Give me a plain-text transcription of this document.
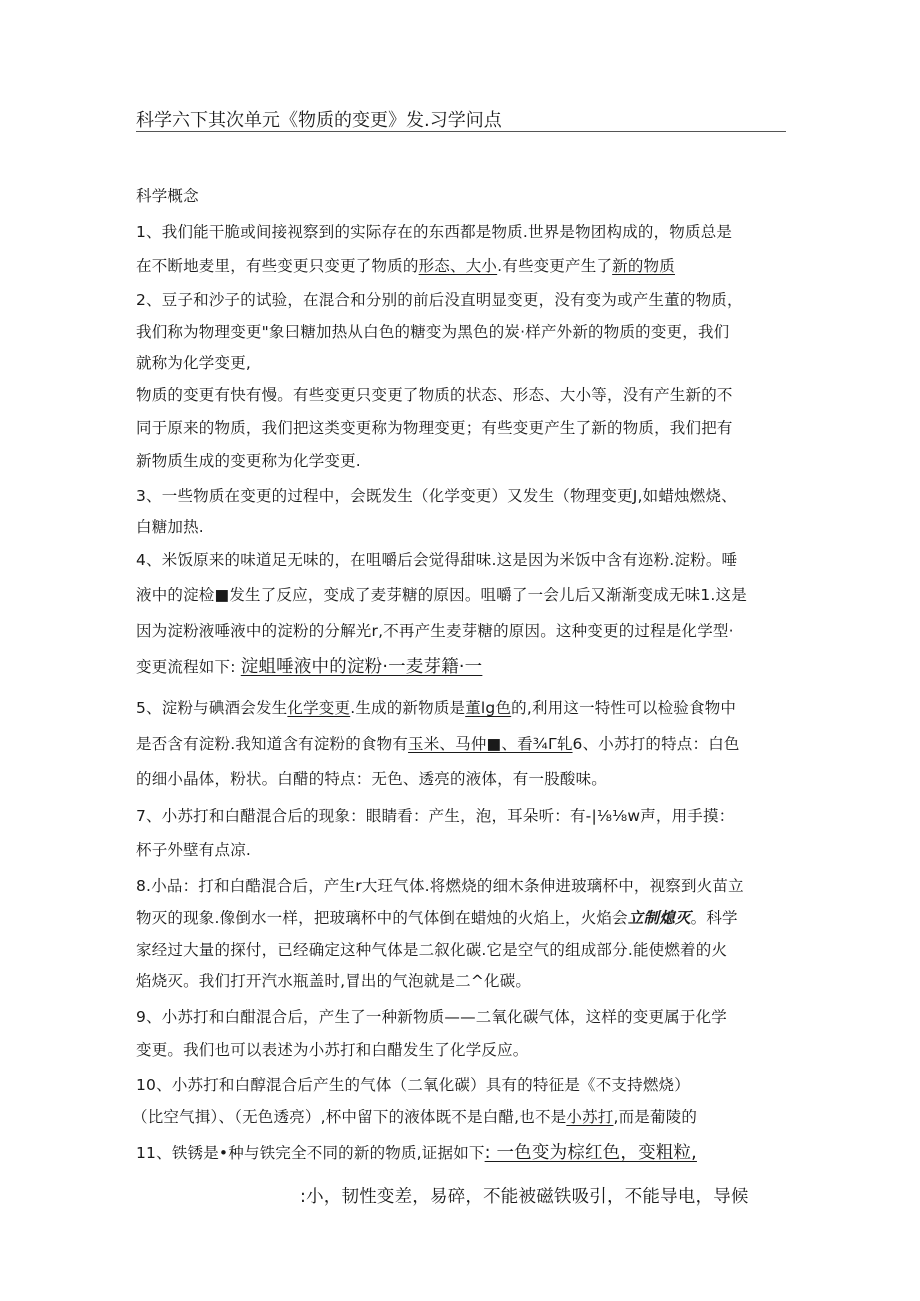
科学六下其次单元《物质的变更》发.习学问点
科学概念
1、我们能干脆或间接视察到的实际存在的东西都是物质.世界是物团构成的，物质总是
在不断地麦里，有些变更只变更了物质的形态、大小.有些变更产生了新的物质
2、豆子和沙子的试验，在混合和分别的前后没直明显变更，没有变为或产生董的物质，
我们称为物理变更"象曰糖加热从白色的糖变为黑色的炭·样产外新的物质的变更，我们
就称为化学变更,
物质的变更有快有慢。有些变更只变更了物质的状态、形态、大小等，没有产生新的不
同于原来的物质，我们把这类变更称为物理变更；有些变更产生了新的物质，我们把有
新物质生成的变更称为化学变更.
3、一些物质在变更的过程中，会既发生（化学变更）又发生（物理变更J,如蜡烛燃烧、
白糖加热.
4、米饭原来的味道足无味的，在咀嚼后会觉得甜味.这是因为米饭中含有迩粉.淀粉。唾
液中的淀检■发生了反应，变成了麦芽糖的原因。咀嚼了一会儿后又渐渐变成无味1.这是
因为淀粉液唾液中的淀粉的分解光r,不再产生麦芽糖的原因。这种变更的过程是化学型·
变更流程如下: 淀蛆唾液中的淀粉·一麦芽籍·一
5、淀粉与碘酒会发生化学变更.生成的新物质是董lg色的,利用这一特性可以检验食物中
是否含有淀粉.我知道含有淀粉的食物有玉米、马仲■、看¾Γ轧6、小苏打的特点：白色
的细小晶体，粉状。白醋的特点：无色、透亮的液体，有一股酸味。
7、小苏打和白醋混合后的现象：眼睛看：产生，泡，耳朵听：有-|⅛⅛w声，用手摸：
杯子外壁有点凉.
8.小品：打和白酷混合后，产生r大玨气体.将燃烧的细木条伸进玻璃杯中，视察到火苗立
物灭的现象.像倒水一样，把玻璃杯中的气体倒在蜡烛的火焰上，火焰会立制熄灭。科学
家经过大量的探付，已经确定这种气体是二叙化碳.它是空气的组成部分.能使燃着的火
焰烧灭。我们打开汽水瓶盖时,冒出的气泡就是二^化碳。
9、小苏打和白酣混合后，产生了一种新物质——二氧化碳气体，这样的变更属于化学
变更。我们也可以表述为小苏打和白醋发生了化学反应。
10、小苏打和白醇混合后产生的气体（二氧化碳）具有的特征是《不支持燃烧）
（比空气揖）、（无色透亮）,杯中留下的液体既不是白醋,也不是小苏打,而是葡陵的
11、铁锈是•种与铁完全不同的新的物质,证据如下: 一色变为棕红色，变粗粒,
:小，韧性变差，易碎，不能被磁铁吸引，不能导电，导候
